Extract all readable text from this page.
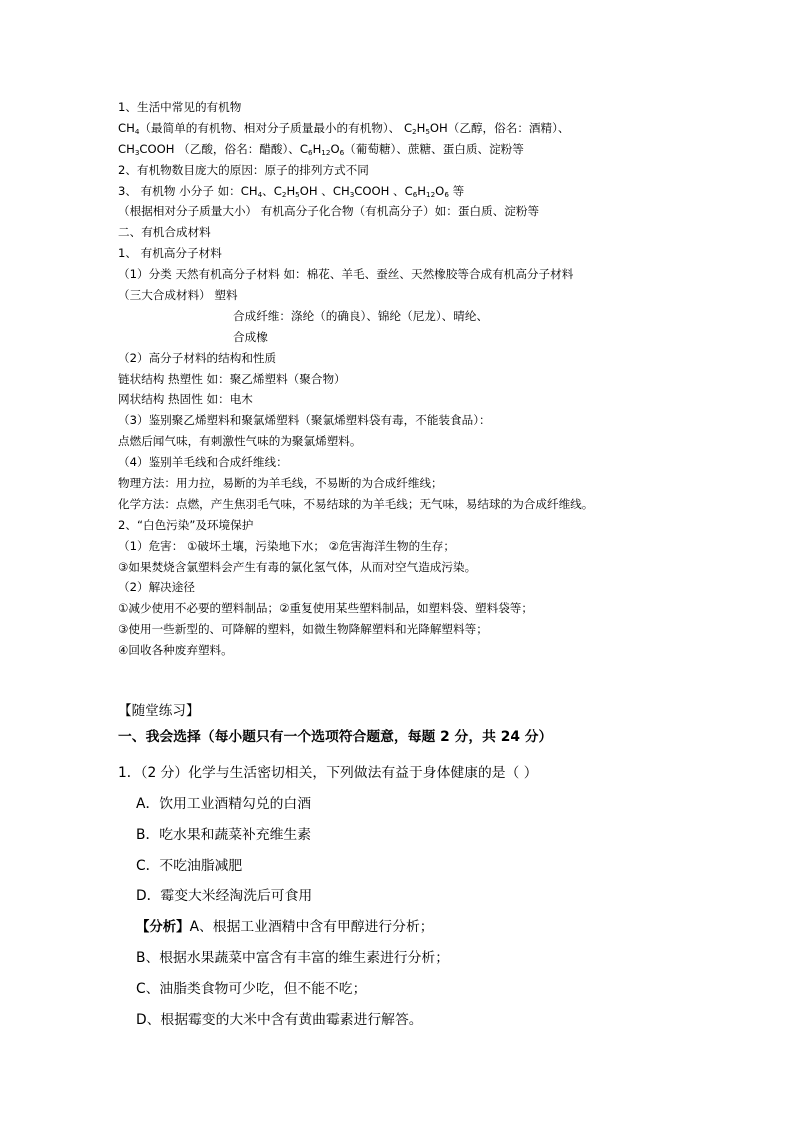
1、生活中常见的有机物
$CH_4$（最简单的有机物、相对分子质量最小的有机物）、 $C_2H_5OH$（乙醇，俗名：酒精）、
$CH_3COOH$ （乙酸，俗名：醋酸）、$C_6H_{12}O_6$（葡萄糖）、蔗糖、蛋白质、淀粉等
2、有机物数目庞大的原因：原子的排列方式不同
3、 有机物 小分子 如：$CH_4$、$C_2H_5OH$ 、$CH_3COOH$ 、$C_6H_{12}O_6$ 等
（根据相对分子质量大小） 有机高分子化合物（有机高分子）如：蛋白质、淀粉等
二、有机合成材料
1、 有机高分子材料
（1）分类 天然有机高分子材料 如：棉花、羊毛、蚕丝、天然橡胶等合成有机高分子材料
（三大合成材料） 塑料
合成纤维：涤纶（的确良）、锦纶（尼龙）、晴纶、
合成橡
（2）高分子材料的结构和性质
链状结构 热塑性 如：聚乙烯塑料（聚合物）
网状结构 热固性 如：电木
（3）鉴别聚乙烯塑料和聚氯烯塑料（聚氯烯塑料袋有毒，不能装食品）：
点燃后闻气味，有刺激性气味的为聚氯烯塑料。
（4）鉴别羊毛线和合成纤维线：
物理方法：用力拉，易断的为羊毛线，不易断的为合成纤维线；
化学方法：点燃，产生焦羽毛气味，不易结球的为羊毛线；无气味，易结球的为合成纤维线。
2、“白色污染”及环境保护
（1）危害： ①破坏土壤，污染地下水； ②危害海洋生物的生存；
③如果焚烧含氯塑料会产生有毒的氯化氢气体，从而对空气造成污染。
（2）解决途径
①减少使用不必要的塑料制品；②重复使用某些塑料制品，如塑料袋、塑料袋等；
③使用一些新型的、可降解的塑料，如微生物降解塑料和光降解塑料等；
④回收各种废弃塑料。
【随堂练习】
一、我会选择（每小题只有一个选项符合题意，每题 2 分，共 24 分）
1．（2 分）化学与生活密切相关，下列做法有益于身体健康的是（ ）
A．饮用工业酒精勾兑的白酒
B．吃水果和蔬菜补充维生素
C．不吃油脂减肥
D．霉变大米经淘洗后可食用
【分析】A、根据工业酒精中含有甲醇进行分析；
B、根据水果蔬菜中富含有丰富的维生素进行分析；
C、油脂类食物可少吃，但不能不吃；
D、根据霉变的大米中含有黄曲霉素进行解答。
